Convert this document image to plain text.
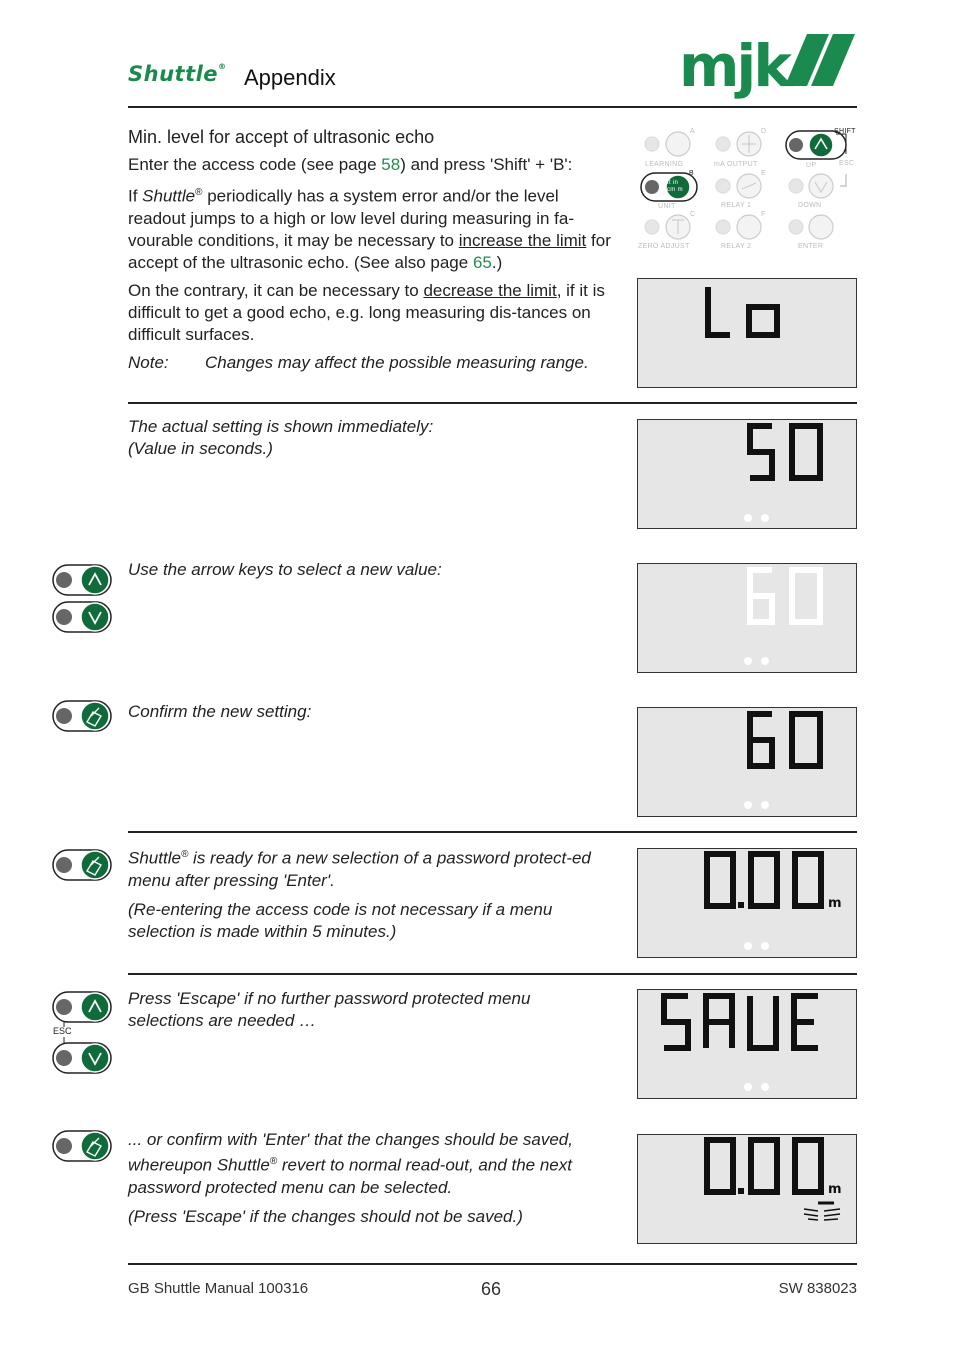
Shuttle® Appendix	mjk

Min. level for accept of ultrasonic echo

Enter the access code (see page 58) and press 'Shift' + 'B':

If Shuttle® periodically has a system error and/or the level readout jumps to a high or low level during measuring in fa-vourable conditions, it may be necessary to increase the limit for accept of the ultrasonic echo. (See also page 65.)

On the contrary, it can be necessary to decrease the limit, if it is difficult to get a good echo, e.g. long measuring dis-tances on difficult surfaces.

Note: Changes may affect the possible measuring range.

LEARNING	mA OUTPUT	UP	ESC
SHIFT
UNIT	RELAY 1	DOWN
ZERO ADJUST	RELAY 2	ENTER
A
B
C
D
E
F
ft in
cm m
Lo

The actual setting is shown immediately:

(Value in seconds.)

Use the arrow keys to select a new value:
Confirm the new setting:

Shuttle® is ready for a new selection of a password protect-ed menu after pressing 'Enter'.

(Re-entering the access code is not necessary if a menu selection is made within 5 minutes.)

m
ESC
Press 'Escape' if no further password protected menu selections are needed …

... or confirm with 'Enter' that the changes should be saved, whereupon Shuttle® revert to normal read-out, and the next password protected menu can be selected.

(Press 'Escape' if the changes should not be saved.)

m
GB Shuttle Manual 100316	66	SW 838023
